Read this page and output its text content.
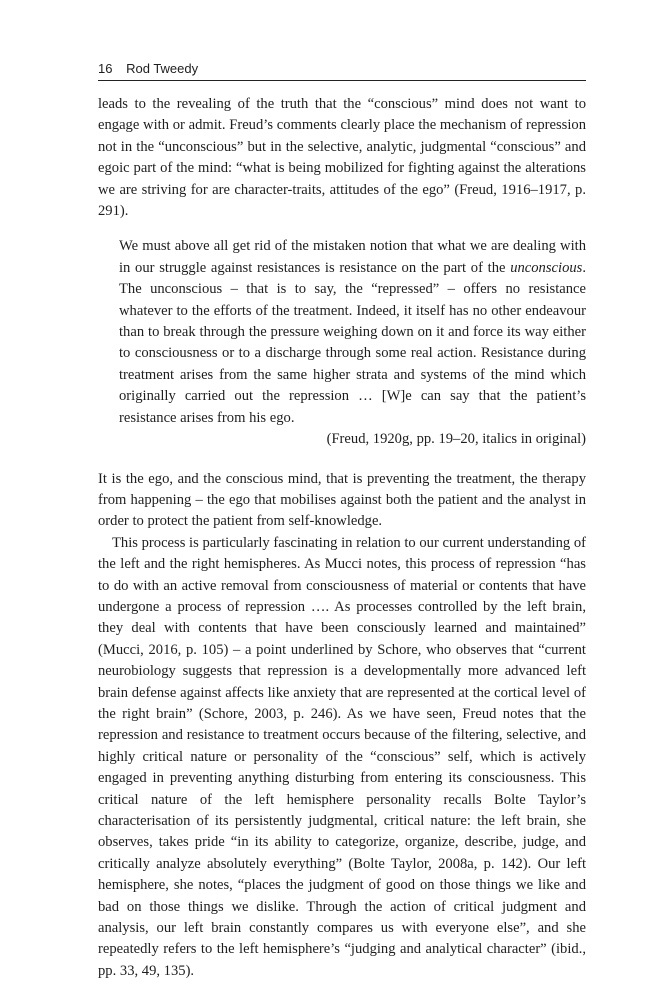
16 Rod Tweedy

leads to the revealing of the truth that the “conscious” mind does not want to engage with or admit. Freud’s comments clearly place the mechanism of repression not in the “unconscious” but in the selective, analytic, judgmental “conscious” and egoic part of the mind: “what is being mobilized for fighting against the alterations we are striving for are character-traits, attitudes of the ego” (Freud, 1916–1917, p. 291).

We must above all get rid of the mistaken notion that what we are dealing with in our struggle against resistances is resistance on the part of the unconscious. The unconscious – that is to say, the “repressed” – offers no resistance whatever to the efforts of the treatment. Indeed, it itself has no other endeavour than to break through the pressure weighing down on it and force its way either to consciousness or to a discharge through some real action. Resistance during treatment arises from the same higher strata and systems of the mind which originally carried out the repression … [W]e can say that the patient’s resistance arises from his ego.

(Freud, 1920g, pp. 19–20, italics in original)

It is the ego, and the conscious mind, that is preventing the treatment, the therapy from happening – the ego that mobilises against both the patient and the analyst in order to protect the patient from self-knowledge.

This process is particularly fascinating in relation to our current understanding of the left and the right hemispheres. As Mucci notes, this process of repression “has to do with an active removal from consciousness of material or contents that have undergone a process of repression …. As processes controlled by the left brain, they deal with contents that have been consciously learned and maintained” (Mucci, 2016, p. 105) – a point underlined by Schore, who observes that “current neurobiology suggests that repression is a developmentally more advanced left brain defense against affects like anxiety that are represented at the cortical level of the right brain” (Schore, 2003, p. 246). As we have seen, Freud notes that the repression and resistance to treatment occurs because of the filtering, selective, and highly critical nature or personality of the “conscious” self, which is actively engaged in preventing anything disturbing from entering its consciousness. This critical nature of the left hemisphere personality recalls Bolte Taylor’s characterisation of its persistently judgmental, critical nature: the left brain, she observes, takes pride “in its ability to categorize, organize, describe, judge, and critically analyze absolutely everything” (Bolte Taylor, 2008a, p. 142). Our left hemisphere, she notes, “places the judgment of good on those things we like and bad on those things we dislike. Through the action of critical judgment and analysis, our left brain constantly compares us with everyone else”, and she repeatedly refers to the left hemisphere’s “judging and analytical character” (ibid., pp. 33, 49, 135).
